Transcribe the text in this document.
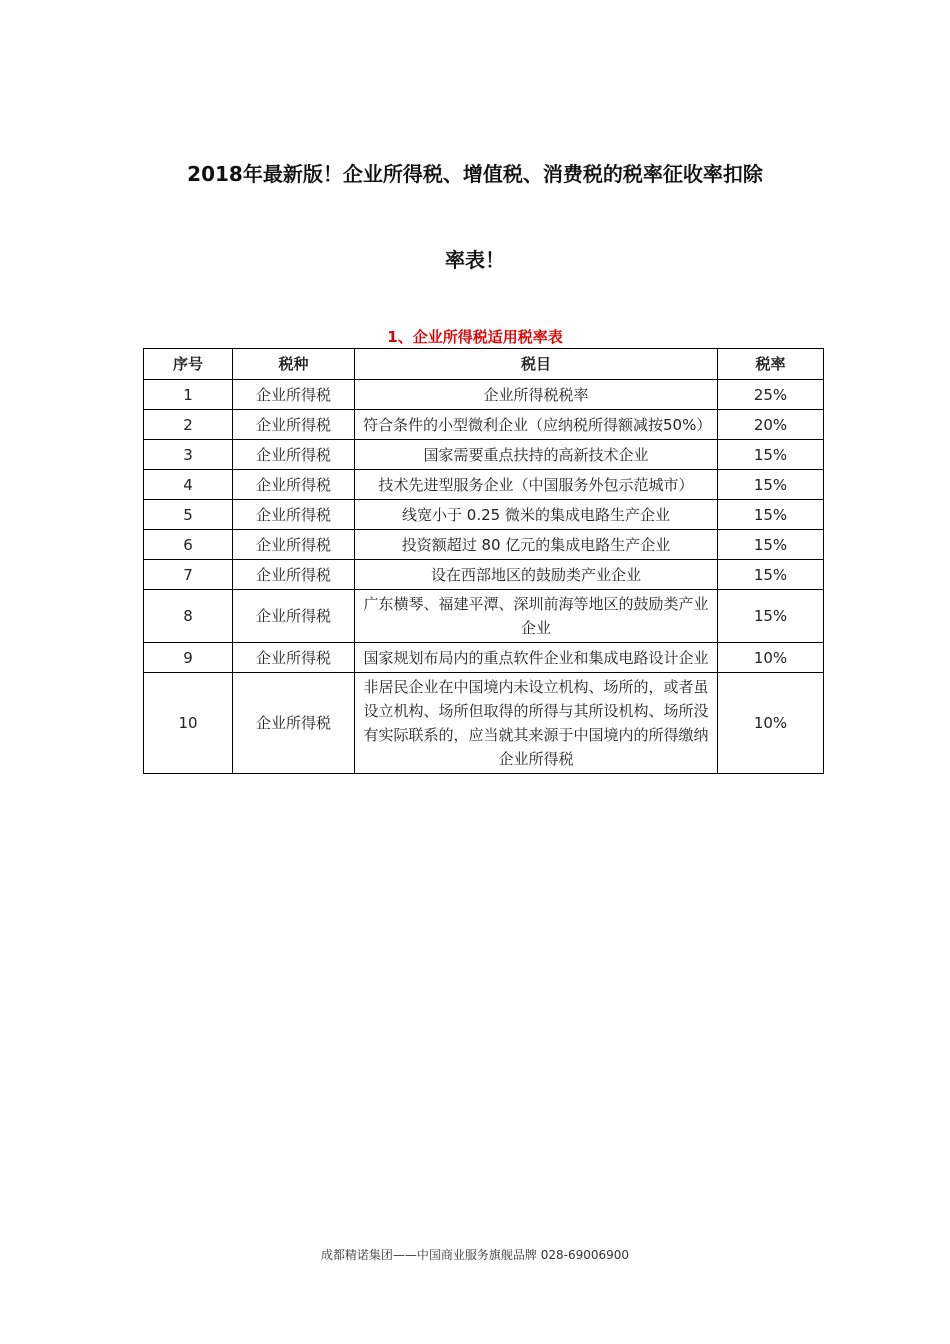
2018年最新版！企业所得税、增值税、消费税的税率征收率扣除
率表！
1、企业所得税适用税率表
序号	税种	税目	税率
1	企业所得税	企业所得税税率	25%
2	企业所得税	符合条件的小型微利企业（应纳税所得额减按50%）	20%
3	企业所得税	国家需要重点扶持的高新技术企业	15%
4	企业所得税	技术先进型服务企业（中国服务外包示范城市）	15%
5	企业所得税	线宽小于 0.25 微米的集成电路生产企业	15%
6	企业所得税	投资额超过 80 亿元的集成电路生产企业	15%
7	企业所得税	设在西部地区的鼓励类产业企业	15%
8	企业所得税	广东横琴、福建平潭、深圳前海等地区的鼓励类产业企业	15%
9	企业所得税	国家规划布局内的重点软件企业和集成电路设计企业	10%
10	企业所得税	非居民企业在中国境内未设立机构、场所的，或者虽设立机构、场所但取得的所得与其所设机构、场所没有实际联系的，应当就其来源于中国境内的所得缴纳企业所得税	10%
成都精诺集团——中国商业服务旗舰品牌 028-69006900
